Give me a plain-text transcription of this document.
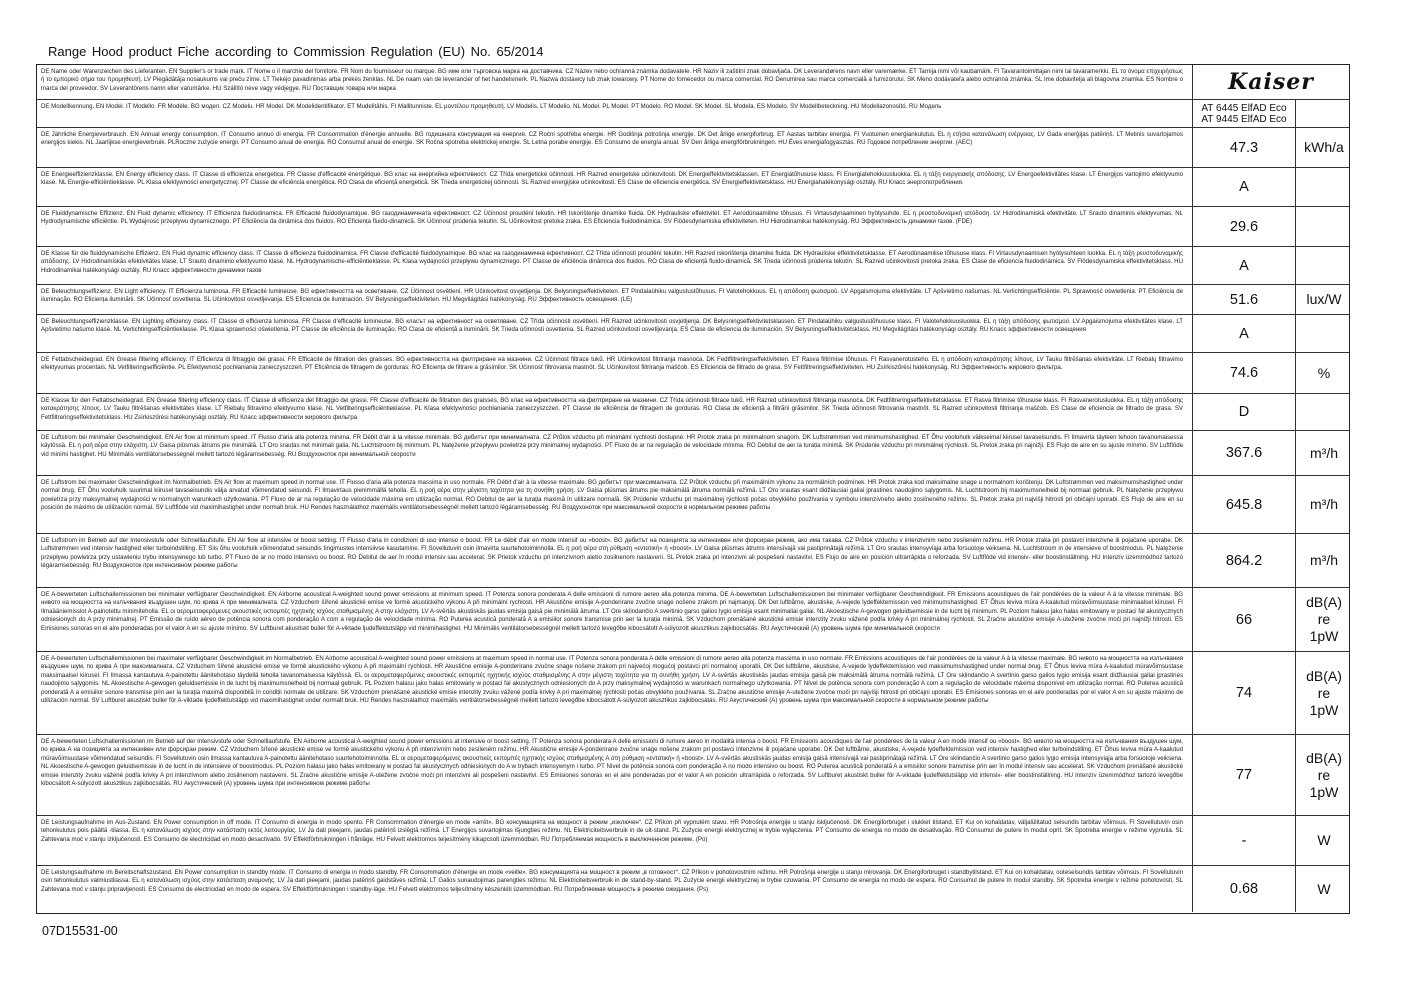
Range Hood product Fiche according to Commission Regulation (EU) No. 65/2014
DE Name oder Warenzeichen des Lieferanten. EN Supplier's or trade mark. IT Nome o il marchio del fornitore. FR Nom du fournisseur ou marque. BG име или търговска марка на доставчика. CZ Název nebo ochranná známka dodavatele. HR Naziv ili zaštitni znak dobavljača. DK Leverandørens navn eller varemærke. ET Tarnija nimi või kaubamärk. FI Tavarantoimittajan nimi tai tavaramerkki. EL το όνομα επιχειρήσεως ή το εμπορικό σήμα του προμηθευτή. LV Piegādātāja nosaukums vai preču zīme. LT Tiekėjo pavadinimas arba prekės ženklas. NL De naam van de leverancier of het handelsmerk. PL Nazwa dostawcy lub znak towarowy. PT Nome do fornecedor ou marca comercial. RO Denumirea sau marca comercială a furnizorului. SK Meno dodávateľa alebo ochranná známka. SL Ime dobavitelja ali blagovna znamka. ES Nombre o marca del proveedor. SV Leverantörens namn eller varumärke. HU Szállító neve vagy védjegye. RU Поставщик товара или марка	Kaiser
DE Modellkennung. EN Model. IT Modello. FR Modèle. BG модел. CZ Modelu. HR Model. DK Modelidentifikator. ET Mudelitähis. FI Mallitunniste. EL μοντέλου προμηθευτή. LV Modelis. LT Modelio. NL Model. PL Model. PT Modelo. RO Model. SK Model. SL Modela. ES Modelo. SV Modellbeteckning. HU Modellazonosító. RU Модель	AT 6445 ElfAD Eco
AT 9445 ElfAD Eco
DE Jährliche Energieverbrauch. EN Annual energy consumption. IT Consumo annuo di energia. FR Consommation d'énergie annuelle. BG годишната консумация на енергия. CZ Roční spotřeba energie. HR Godišnja potrošnja energije. DK Det årlige energiforbrug. ET Aastas tarbitav energia. FI Vuotuinen energiankulutus. EL η ετήσια κατανάλωση ενέργειας. LV Gada enerģijas patēriņš. LT Metinis suvartojamos energijos kiekis. NL Jaarlijkse energieverbruik. PLRoczne zużycie energii. PT Consumo anual de energia. RO Consumul anual de energie. SK Ročná spotreba elektrickej energie. SL Letna porabe energije. ES Consumo de energía anual. SV Den årliga energiförbrukningen. HU Éves energiafogyasztás. RU Годовое потребление энергии. (AEC)	47.3	kWh/a
DE Energieeffizienzklasse. EN Energy efficiency class. IT Classe di efficienza energetica. FR Classe d'efficacité énergétique. BG клас на енергийна ефективност. CZ Třída energetické účinnosti. HR Razred energetske učinkovitosti. DK Energieffektivitetsklassen. ET Energiatõhususe klass. FI Energiatehokkuusluokka. EL η τάξη ενεργειακής απόδοσης. LV Energoefektivitātes klase. LT Energijos vartojimo efektyvumo klasė. NL Energie-efficiëntieklasse. PL Klasa efektywności energetycznej. PT Classe de eficiência energética. RO Clasa de eficiență energetică. SK Trieda energetickej účinnosti. SL Razred energijske učinkovitosti. ES Clase de eficiencia energética. SV Energieffektivitetsklass. HU Energiahatékonysági osztály. RU Класс энергопотребления.	A
DE Fluiddynamische Effizienz. EN Fluid dynamic efficiency. IT Efficienza fluidodinamica. FR Efficacité fluidodynamique. BG газодинамичната ефективност. CZ Účinnost proudění tekutin. HR Iskorištenje dinamike fluida. DK Hydrauliske effektivitet. ET Aerodünaamiline tõhusus. FI Virtausdynaaminen hyötysuhde. EL η ρευστοδυναμική απόδοση. LV Hidrodinamiskā efektivitāte. LT Srauto dinaminis efektyvumas. NL Hydrodynamische efficiëntie. PL Wydajność przepływu dynamicznego. PT Eficiência da dinâmica dos fluidos. RO Eficiența fluido-dinamică. SK Účinnosť prúdenia tekutín. SL Učinkovitost pretoka zraka. ES Eficiencia fluidodinámica. SV Flödesdynamiska effektiviteten. HU Hidrodinamikai hatékonyság. RU Эффективность динамики газов. (FDE)	29.6
DE Klasse für die fluiddynamische Effizienz. EN Fluid dynamic efficiency class. IT Classe di efficienza fluidodinamica. FR Classe d'efficacité fluidodynamique. BG клас на газодинамична ефективност. CZ Třída účinnosti proudění tekutin. HR Razred iskorištenja dinamike fluida. DK Hydrauliske effektivitetsklasse. ET Aerodünaamilise tõhususe klass. FI Virtausdynaamisen hyötysuhteen luokka. EL η τάξη ρευστοδυναμικής απόδοσης. LV Hidrodinamiskās efektivitātes klase. LT Srauto dinaminio efektyvumo klasė. NL Hydrodynamische-efficiëntieklasse. PL Klasa wydajności przepływu dynamicznego. PT Classe de eficiência dinâmica dos fluidos. RO Clasa de eficiență fluido-dinamică. SK Trieda účinnosti prúdenia tekutín. SL Razred učinkovitosti pretoka zraka. ES Clase de eficiencia fluidodinámica. SV Flödesdynamiska effektivitetsklass. HU Hidrodinamikai hatékonysági osztály. RU Класс эффективности динамики газов	A
DE Beleuchtungseffizienz. EN Light efficiency. IT Efficienza luminosa. FR Efficacité lumineuse. BG ефективността на осветяване. CZ Účinnost osvětlení. HR Učinkovitost osvjetljenja. DK Belysningseffektiviteten. ET Pindalaühiku valgustustõhusus. FI Valotehokkuus. EL η απόδοση φωτισμού. LV Apgaismojuma efektivitāte. LT Apšvietimo našumas. NL Verlichtingsefficiëntie. PL Sprawność oświetlenia. PT Eficiência de iluminação. RO Eficiența iluminării. SK Účinnosť osvetlenia. SL Učinkovitost osvetljevanja. ES Eficiencia de iluminación. SV Belysningseffektiviteten. HU Megvilágítási hatékonyság. RU Эффективность освещения. (LE)	51.6	lux/W
DE Beleuchtungseffizienzklasse. EN Lighting efficiency class. IT Classe di efficienza luminosa. FR Classe d'efficacité lumineuse. BG класът на ефективност на осветяване. CZ Třída účinnosti osvětlení. HR Razred učinkovitosti osvjetljenja. DK Belysningseffektivitetsklassen. ET Pindalaühiku valgustustõhususe klass. FI Valotehokkuusluokka. EL η τάξη απόδοσης φωτισμού. LV Apgaismojuma efektivitātes klase. LT Apšvietimo našumo klasė. NL Verlichtingsefficiëntieklasse. PL Klasa sprawności oświetlenia. PT Classe de eficiência de iluminação. RO Clasa de eficiență a iluminării. SK Trieda účinnosti osvetlenia. SL Razred učinkovitosti osvetljevanja. ES Clase de eficiencia de iluminación. SV Belysningseffektivitetsklass. HU Megvilágítási hatékonysági osztály. RU Класс эффективности освещения	A
DE Fettabscheidegrad. EN Grease filtering efficiency. IT Efficienza di filtraggio dei grassi. FR Efficacité de filtration des graisses. BG ефективността на филтриране на мазнини. CZ Účinnost filtrace tuků. HR Učinkovitost filtriranja masnoća. DK Fedtfiltreringseffektiviteten. ET Rasva filtrimise tõhusus. FI Rasvanerotusteho. EL η απόδοση κατακράτησης λίπους. LV Tauku filtrēšanas efektivitāte. LT Riebalų filtravimo efektyvumas procentais. NL Vetfilteringsefficiëntie. PL Efektywność pochłaniania zanieczyszczeń. PT Eficiência de filtragem de gorduras. RO Eficiența de filtrare a grăsimilor. SK Účinnosť filtrovania mastnôt. SL Učinkovitost filtriranja maščob. ES Eficiencia de filtrado de grasa. SV Fettfiltreringseffektiviteten. HU Zsírkiszűrési hatékonyság. RU Эффективность жирового фильтра.	74.6	%
DE Klasse für den Fettabscheidegrad. EN Grease filtering efficiency class. IT Classe di efficienza del filtraggio dei grassi. FR Classe d'efficacité de filtration des graisses. BG клас на ефективността на филтриране на мазнини. CZ Třída účinnosti filtrace tuků. HR Razred učinkovitosti filtriranja masnoća. DK Fedtfiltreringseffektivitetsklasse. ET Rasva filtrimise tõhususe klass. FI Rasvanerotusluokka. EL η τάξη απόδοσης κατακράτησης λίπους. LV Tauku filtrēšanas efektivitātes klase. LT Riebalų filtravimo efektyvumo klasė. NL Vetfilteringsefficiëntieklasse. PL Klasa efektywności pochłaniania zanieczyszczeń. PT Classe de eficiência de filtragem de gorduras. RO Clasa de eficiență a filtrării grăsimilor. SK Trieda účinnosti filtrovania mastnôt. SL Razred učinkovitosti filtriranja maščob. ES Clase de eficiencia de filtrado de grasa. SV Fettfiltreringseffektivitetsklass. HU Zsírkiszűrési hatékonysági osztály. RU Класс эффективности жирового фильтра	D
DE Luftstrom bei minimaler Geschwindigkeit. EN Air flow at minimum speed. IT Flusso d'aria alla potenza minima. FR Débit d'air à la vitesse minimale. BG дебитът при минималната. CZ Průtok vzduchu při minimální rychlosti dostupné. HR Protok zraka pri minimalnom snagom. DK Luftstrømmen ved minimumshastighed. ET Õhu vooluhulk väikseimal kiirusel tavaseisundis. FI Ilmavirta täyteen tehoon tavanomaisessa käytössä. EL η ροή αέρα στην ελάχιστη. LV Gaisa plūsmas ātrums pie minimālā. LT Oro srautas net minimali galia. NL Luchtstroom bij minimum. PL Natężenie przepływu powietrza przy minimalnej wydajności. PT Fluxo de ar na regulação de velocidade mínima. RO Debitul de aer la turația minimă. SK Prúdenie vzduchu pri minimálnej rýchlosti. SL Pretok zraka pri najnižji. ES Flujo de aire en su ajuste mínimo. SV Luftflöde vid minimi hastighet. HU Minimális ventilátorsebességnél mellett tartozó légáramsebesség. RU Воздухоноток при минимальной скорости	367.6	m³/h
DE Luftstrom bei maximaler Geschwindigkeit im Normalbetrieb. EN Air flow at maximum speed in normal use. IT Flusso d'aria alla potenza massima in uso normale. FR Débit d'air à la vitesse maximale. BG дебитът при максималната. CZ Průtok vzduchu při maximálním výkonu za normálních podmínek. HR Protok zraka kod maksimalne snage u normalnom korištenju. DK Luftstrømmen ved maksimumshastighed under normal brug. ET Õhu vooluhulk suurimal kiirusel tavaseisundis välja arvatud võimendatud seisundi. FI Ilmavirtaus pienimmällä teholla. EL η ροή αέρα στην μέγιστη ταχύτητα για τη συνήθη χρήση. LV Gaisa plūsmas ātrums pie maksimālā ātruma normālā režīmā. LT Oro srautas esant didžiausiai galiai įprastinės naudojimo sąlygomis. NL Luchtstroom bij maximumsnelheid bij normaal gebruik. PL Natężenie przepływu powietrza przy maksymalnej wydajności w normalnych warunkach użytkowania. PT Fluxo de ar na regulação de velocidade máxima em utilização normal. RO Debitul de aer la turația maximă în utilizare normală. SK Prúdenie vzduchu pri maximálnej rýchlosti počas obvyklého používania v symbolu intenzívneho alebo zosilneného režimu. SL Pretok zraka pri najvišji hitrosti pri običajni uporabi. ES Flujo de aire en su posición de máximo de utilización normal. SV Luftflöde vid maximihastighet under normalt bruk. HU Rendes használathoz maximális ventilátorsebességnél mellett tartozó légáramsebesség. RU Воздухоноток при максимальной скорости в нормальном режиме работы	645.8	m³/h
DE Luftstrom im Betrieb auf der Intensivstufe oder Schnelllaufstufe. EN Air flow at intensive or boost setting. IT Flusso d'aria in condizioni di uso intenso o boost. FR Le débit d'air en mode intensif ou «boost». BG дебитът на позицията за интензивен или форсиран режим, ако има такава. CZ Průtok vzduchu v intenzivním nebo zesíleném režimu. HR Protok zraka pri postavci intenzivne ili pojačane uporabe. DK Luftstrømmen ved intensiv hastighed eller turboindstilling. ET Siis õhu vooluhulk võimendatud seisundis tingimustes intensiivse kasutamine. FI Sovellutuvin osin ilmavirta suurtehotoiminnolla. EL η ροή αέρα στη ρύθμιση «εντατική» ή «boost». LV Gaisa plūsmas ātrums intensīvajā vai pastiprinātajā režīmā. LT Oro srautas intensyviąja arba forsuotoje veiksena. NL Luchtstroom in de intensieve of boostmodus. PL Natężenie przepływu powietrza przy ustawieniu trybu intensywnego lub turbo. PT Fluxo de ar no modo intensivo ou boost. RO Debitul de aer în modul intensiv sau accelerat. SK Prietok vzduchu pri intenzívnom alebo zosilnenom nastavení. SL Pretok zraka pri intenzivni ali pospešeni nastavitvi. ES Flujo de aire en posición ultrarrápida o reforzada. SV Luftflöde vid intensiv- eller boostinställning. HU Intenzív üzemmódhoz tartozó légáramsebesség. RU Воздухоноток при интенсивном режиме работы	864.2	m³/h
DE A-bewerteten Luftschallemissionen bei minimaler verfügbarer Geschwindigkeit. EN Airborne acoustical A-weighted sound power emissions at minimum speed. IT Potenza sonora ponderata A delle emissioni di rumore aereo alla potenza minima. DE A-bewerteten Luftschallemissionen bei minimaler verfügbarer Geschwindigkeit. FR Emissions acoustiques de l'air pondérées de la valeur A à la vitesse minimale. BG нивото на мощността на излъчвания въздушен шум, по крива А при минималната. CZ Vzduchem šířené akustické emise ve formě akustického výkonu A při minimální rychlosti. HR Akustične emisije A-ponderirane zvučne snage nošene zrakom pri najmanjoj. DK Det luftbårne, akustiske, A-vejede lydeffektemission ved minimumshastighed. ET Õhus leviva müra A-kaalutud müravõimsustase minimaalsel kiirusel. FI Ilmaääniemissiot A-painotettu minimiteholla. EL οι αερομεταφερόμενες ακουστικές εκπομπές ηχητικής ισχύος σταθμισμένης Α στην ελάχιστη. LV A-svērtās akustiskās jaudas emisija gaisā pie minimālā ātruma. LT Ore sklindančio A svertinio garso galios lygio emisija esant minimaliai galiai. NL Akoestische A-gewogen geluidsemissie in de lucht bij minimum. PL Poziom hałasu jako hałas emitowany w postaci fal akustycznych odniesionych do A przy minimalnej. PT Emissão de ruído aéreo de potência sonora com ponderação A com a regulação de velocidade mínima. RO Puterea acustică ponderată A a emisiilor sonore transmise prin aer la turația minimă. SK Vzduchom prenášané akustické emisie intenzity zvuku vážené podľa krivky A pri minimálnej rýchlosti. SL Zračne akustične emisije A-utežene zvočne moči pri najnižji hitrosti. ES Emisiones sonoras en el aire ponderadas por el valor A en su ajuste mínimo. SV Luftburet akustiskt buller för A-viktade ljudeffektutsläpp vid minimihastighet. HU Minimális ventilátorsebességnél mellett tartozó levegőbe kibocsátott A-súlyozott akusztikus zajkibocsátás. RU Акустический (A) уровень шума при минимальной скорости
66
dB(A)
re
1pW
DE A-bewerteten Luftschallemissionen bei maximaler verfügbarer Geschwindigkeit im Normalbetrieb. EN Airborne acoustical A-weighted sound power emissions at maximum speed in normal use. IT Potenza sonora ponderata A delle emissioni di rumore aereo alla potenza massima in uso normale. FR Emissions acoustiques de l'air pondérées de la valeur A à la vitesse maximale. BG нивото на мощността на излъчвания въздушен шум, по крива А при максималната. CZ Vzduchem šířené akustické emise ve formě akustického výkonu A při maximální rychlosti. HR Akustične emisije A-ponderirane zvučne snage nošene zrakom pri najvećoj mogućoj postavci pri normalnoj uporabi. DK Det luftbårne, akustiske, A-vejede lydeffektemission ved maksimumshastighed under normal brug. ET Õhus leviva müra A-kaalutud müravõimsustase maksimaalsel kiirusel. FI Ilmassa kantautuva A-painotettu äänitehotaso täydellä teholla tavanomaisessa käytössä. EL οι αερομεταφερόμενες ακουστικές εκπομπές ηχητικής ισχύος σταθμισμένης Α στην μέγιστη ταχύτητα για τη συνήθη χρήση. LV A-svērtās akustiskās jaudas emisija gaisā pie maksimālā ātruma normālā režīmā. LT Ore sklindančio A svertinio garso galios lygio emisija esant didžiausiai galiai įprastinės naudojimo sąlygomis. NL Akoestische A-gewogen geluidsemissie in de lucht bij maximumsnelheid bij normaal gebruik. PL Poziom hałasu jako hałas emitowany w postaci fal akustycznych odniesionych do A przy maksymalnej wydajności w warunkach normalnego użytkowania. PT Nível de potência sonora com ponderação A com a regulação de velocidade máxima disponível em utilização normal. RO Puterea acustică ponderată A a emisiilor sonore transmise prin aer la turația maximă disponibilă în condiții normale de utilizare. SK Vzduchom prenášané akustické emisie intenzity zvuku vážené podľa krivky A pri maximálnej rýchlosti počas obvyklého používania. SL Zračne akustične emisije A-utežene zvočne moči pri najvišji hitrosti pri običajni uporabi. ES Emisiones sonoras en el aire ponderadas por el valor A en su ajuste máximo de utilización normal. SV Luftburet akustiskt buller för A-viktade ljudeffektutsläpp vid maximihastighet under normalt bruk. HU Rendes használathoz maximális ventilátorsebességnél mellett tartozó levegőbe kibocsátott A-súlyozott akusztikus zajkibocsátás. RU Акустический (A) уровень шума при максимальной скорости в нормальном режиме работы	74
dB(A)
re
1pW
DE A-bewerteten Luftschallemissionen im Betrieb auf der Intensivstufe oder Schnelllaufstufe. EN Airborne acoustical A-weighted sound power emissions at intensive or boost setting. IT Potenza sonora ponderata A delle emissioni di rumore aereo in modalità intensa o boost. FR Emissions acoustiques de l'air pondérées de la valeur A en mode intensif ou «boost». BG нивото на мощността на излъчвания въздушен шум, по крива А на позицията за интензивен или форсиран режим. CZ Vzduchem šířené akustické emise ve formě akustického výkonu A při intenzivním nebo zesíleném režimu. HR Akustične emisije A-ponderirane zvučne snage nošene zrakom pri postavci intenzivne ili pojačane uporabe. DK Det luftbårne, akustiske, A-vejede lydeffektemission ved intensiv hastighed eller turboindstilling. ET Õhus leviva müra A-kaalutud müravõimsustase võimendatud seisundis. FI Sovellutuvin osin ilmassa kantautuva A-painotettu äänitehotaso suurtehotoiminnolla. EL οι αερομεταφερόμενες ακουστικές εκπομπές ηχητικής ισχύος σταθμισμένης Α στη ρύθμιση «εντατική» ή «boost». LV A-svērtās akustiskās jaudas emisija gaisā intensīvajā vai pastiprinātajā režīmā. LT Ore sklindančio A svertinio garso galios lygio emisija intensyviąja arba forsuotoje veiksena. NL Akoestische A-gewogen geluidsemissie in de lucht in de intensieve of boostmodus. PL Poziom hałasu jako hałas emitowany w postaci fal akustycznych odniesionych do A w trybach intensywnym i turbo. PT Nível de potência sonora com ponderação A no modo intensivo ou boost. RO Puterea acustică ponderată A a emisiilor sonore transmise prin aer în modul intensiv sau accelerat. SK Vzduchom prenášané akustické emisie intenzity zvuku vážené podľa krivky A pri intenzívnom alebo zosilnenom nastavení. SL Zračne akustične emisije A-utežene zvočne moči pri intenzivni ali pospešeni nastavitvi. ES Emisiones sonoras en el aire ponderadas por el valor A en posición ultrarrápida o reforzada. SV Luftburet akustiskt buller för A-viktade ljudeffektutsläpp vid intensiv- eller boostinställning. HU Intenzív üzemmódhoz tartozó levegőbe kibocsátott A-súlyozott akusztikus zajkibocsátás. RU Акустический (A) уровень шума при интенсивном режиме работы
77
dB(A)
re
1pW
DE Leistungsaufnahme im Aus-Zustand. EN Power consumption in off mode. IT Consumo di energia in modo spento. FR Consommation d'énergie en mode «arrêt». BG консумацията на мощност в режим „изключен“. CZ Příkon při vypnutém stavu. HR Potrošnja energije u stanju isključenosti. DK Energiforbruget i slukket tilstand. ET Kui on kohaldatav, väljalülitatud seisundis tarbitav võimsus. FI Sovellutuvin osin tehonkulutus pois päältä -tilassa. EL η κατανάλωση ισχύος στην κατάσταση εκτός λειτουργίας. LV Ja dati pieejami, jaudas patēriņš izslēgtā režīmā. LT Energijos suvartojimas išjungties režimu. NL Elektriciteitsverbruik in de uit-stand. PL Zużycie energii elektrycznej w trybie wyłączenia. PT Consumo de energia no modo de desativação. RO Consumul de putere în modul oprit. SK Spotreba energie v režime vypnutia. SL Zahtevana moč v stanju izključenosti. ES Consumo de electricidad en modo desactivado. SV Effektförbrukningen i frånläge. HU Felvett elektromos teljesítmény kikapcsolt üzemmódban. RU Потребляемая мощность в выключенном режиме. (Po)	-	W
DE Leistungsaufnahme im Bereitschaftszustand. EN Power consumption in standby mode. IT Consumo di energia in modo standby. FR Consommation d'énergie en mode «veille». BG консумацията на мощност в режим „в готовност“. CZ Příkon v pohotovostním režimu. HR Potrošnja energije u stanju mirovanja. DK Energiforbruget i standbytilstand. ET Kui on kohaldatav, ooteseisundis tarbitav võimsus. FI Sovellutuvin osin tehonkulutus valmiustilassa. EL η κατανάλωση ισχύος στην κατάσταση αναμονής. LV Ja dati pieejami, jaudas patēriņš gaidstāves režīmā. LT Galios sunaudojimas parengties režimu. NL Elektriciteitsverbruik in de stand-by-stand. PL Zużycie energii elektrycznej w trybie czuwania. PT Consumo de energia no modo de espera. RO Consumul de putere în modul standby. SK Spotreba energie v režime pohotovosti. SL Zahtevana moč v stanju pripravljenosti. ES Consumo de electricidad en modo de espera. SV Effektförbrukningen i standby-läge. HU Felvett elektromos teljesítmény készenléti üzemmódban. RU Потребляемая мощность в режиме ожидания. (Ps)	0.68	W
07D15531-00
